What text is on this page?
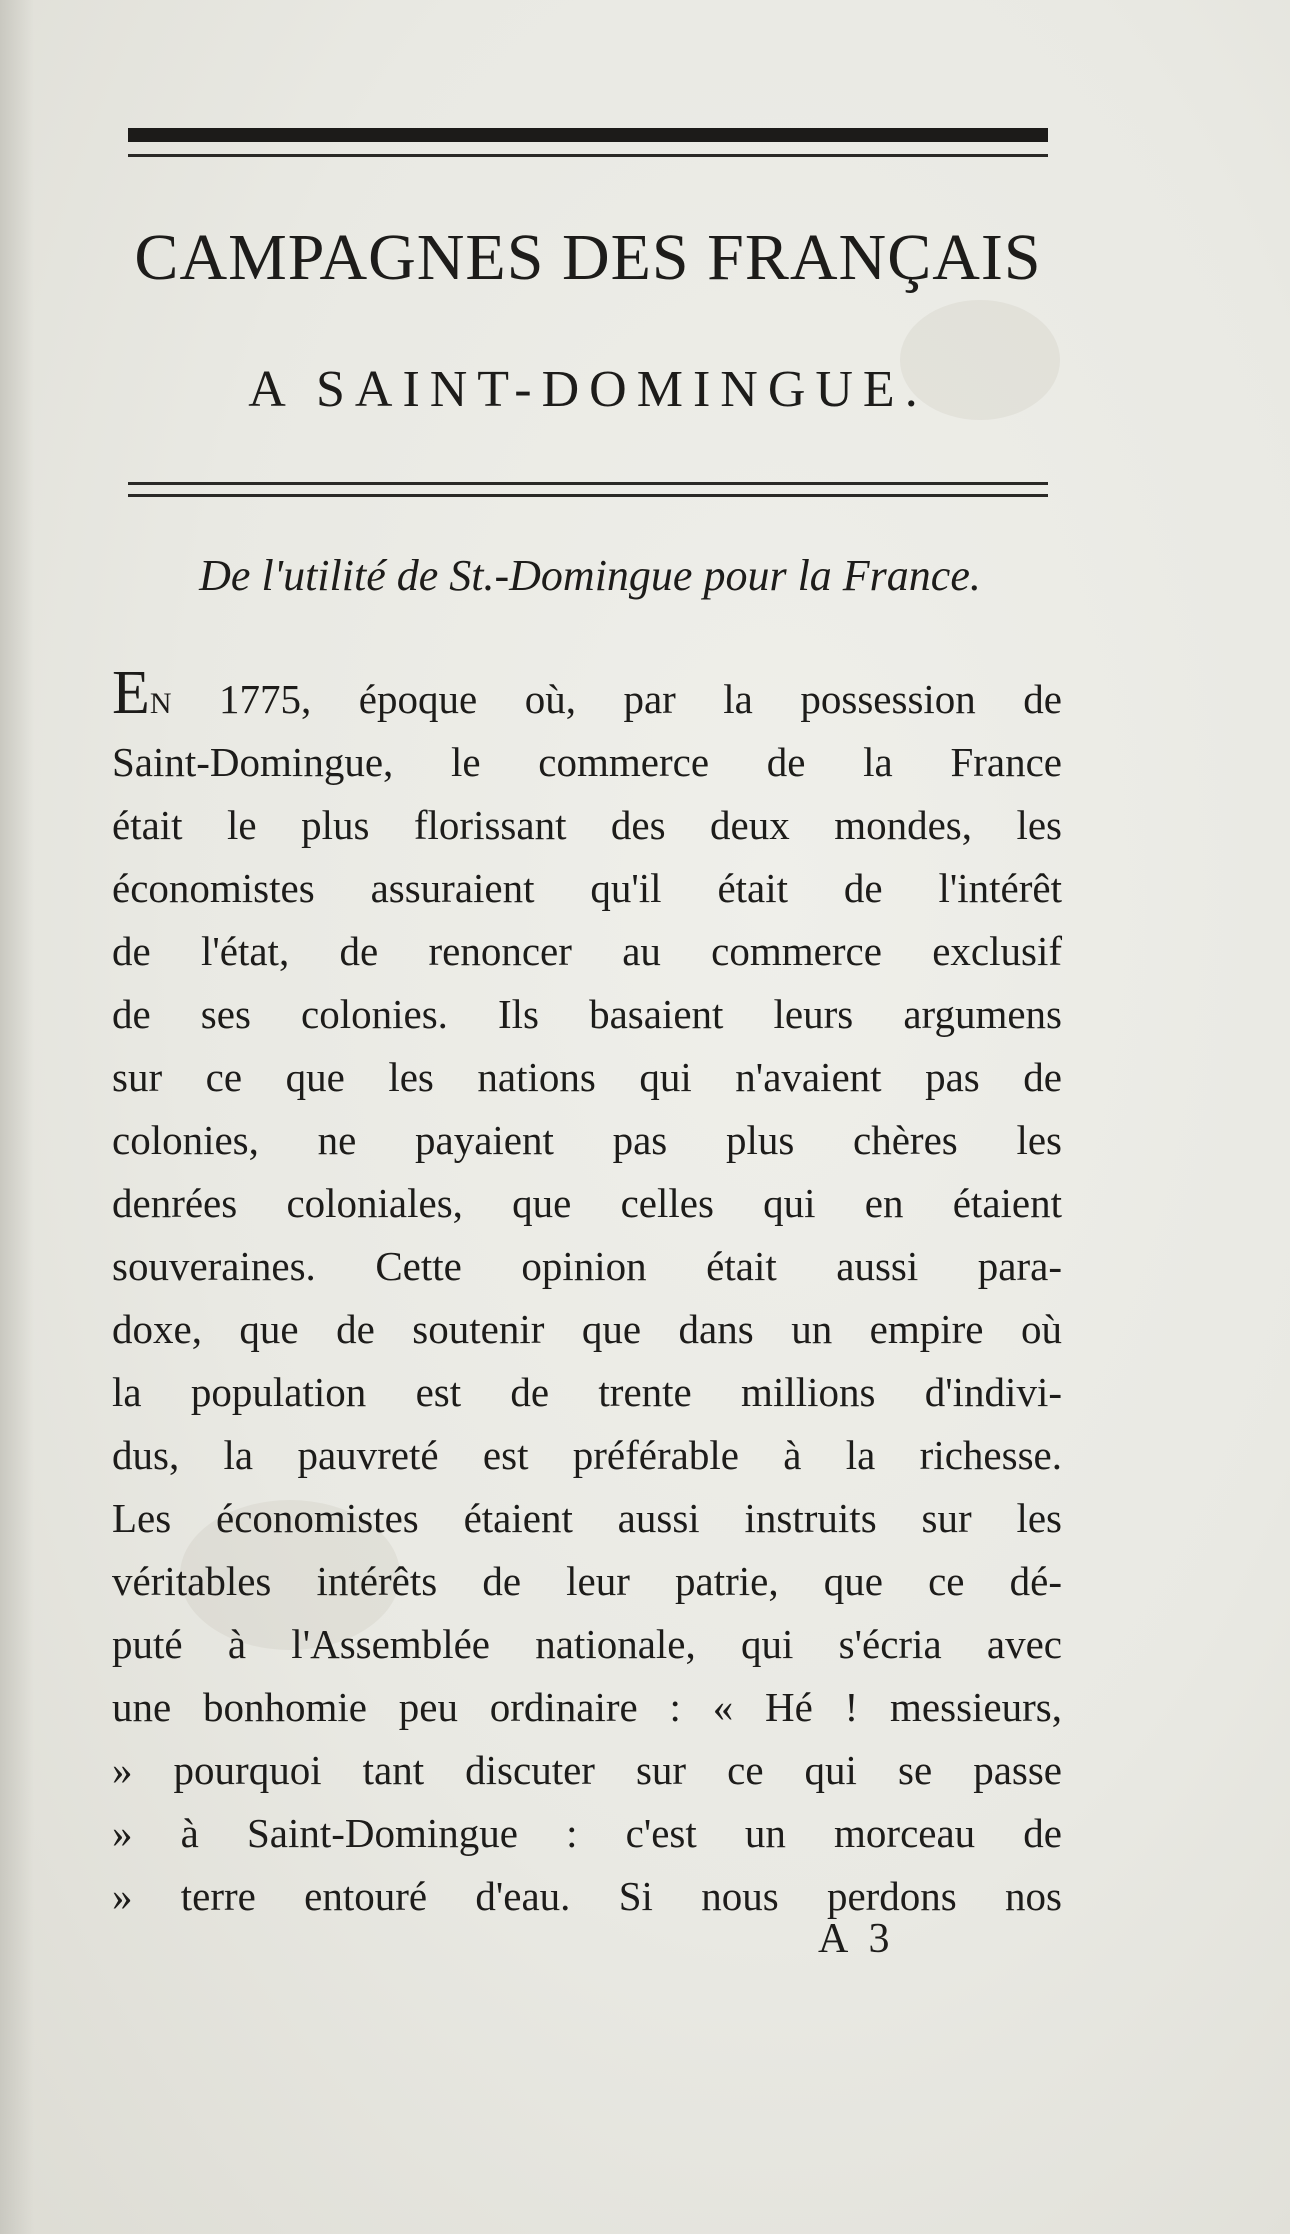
CAMPAGNES DES FRANÇAIS
A SAINT-DOMINGUE.
De l'utilité de St.-Domingue pour la France.
EN 1775, époque où, par la possession de
Saint-Domingue, le commerce de la France
était le plus florissant des deux mondes, les
économistes assuraient qu'il était de l'intérêt
de l'état, de renoncer au commerce exclusif
de ses colonies. Ils basaient leurs argumens
sur ce que les nations qui n'avaient pas de
colonies, ne payaient pas plus chères les
denrées coloniales, que celles qui en étaient
souveraines. Cette opinion était aussi para-
doxe, que de soutenir que dans un empire où
la population est de trente millions d'indivi-
dus, la pauvreté est préférable à la richesse.
Les économistes étaient aussi instruits sur les
véritables intérêts de leur patrie, que ce dé-
puté à l'Assemblée nationale, qui s'écria avec
une bonhomie peu ordinaire : « Hé ! messieurs,
» pourquoi tant discuter sur ce qui se passe
» à Saint-Domingue : c'est un morceau de
» terre entouré d'eau. Si nous perdons nos
A 3
